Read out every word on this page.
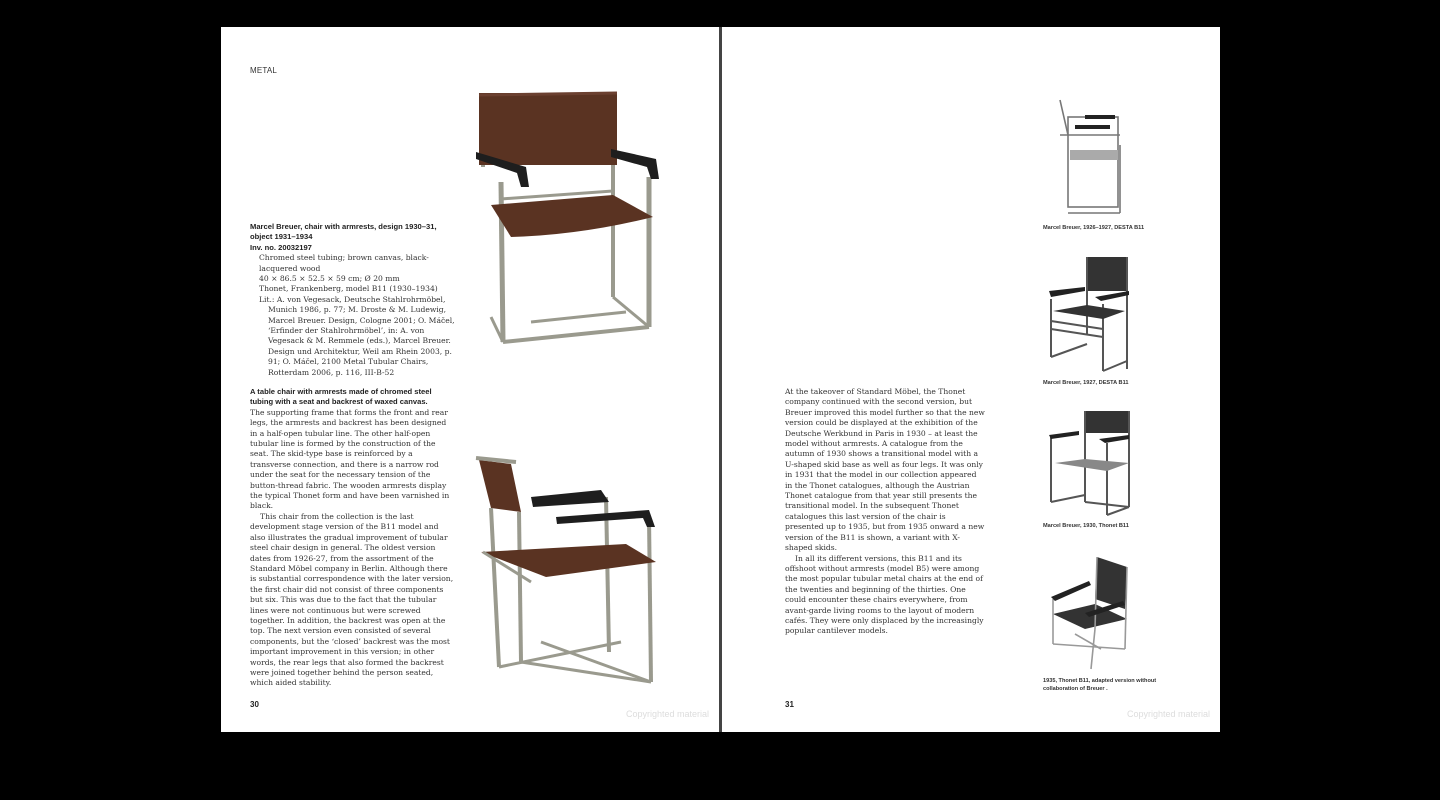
METAL
Marcel Breuer, chair with armrests, design 1930–31,
object 1931–1934
Inv. no. 20032197
Chromed steel tubing; brown canvas, black-
lacquered wood
40 × 86.5 × 52.5 × 59 cm; Ø 20 mm
Thonet, Frankenberg, model B11 (1930–1934)
Lit.: A. von Vegesack, Deutsche Stahlrohrmöbel, Munich 1986, p. 77; M. Droste & M. Ludewig, Marcel Breuer. Design, Cologne 2001; O. Máčel, ‘Erfinder der Stahlrohrmöbel’, in: A. von Vegesack & M. Remmele (eds.), Marcel Breuer. Design und Architektur, Weil am Rhein 2003, p. 91; O. Máčel, 2100 Metal Tubular Chairs, Rotterdam 2006, p. 116, III-B-52
A table chair with armrests made of chromed steel tubing with a seat and backrest of waxed canvas.
The supporting frame that forms the front and rear legs, the armrests and backrest has been designed in a half-open tubular line. The other half-open tubular line is formed by the construction of the seat. The skid-type base is reinforced by a transverse connection, and there is a narrow rod under the seat for the necessary tension of the button-thread fabric. The wooden armrests display the typical Thonet form and have been varnished in black.
This chair from the collection is the last development stage version of the B11 model and also illustrates the gradual improvement of tubular steel chair design in general. The oldest version dates from 1926-27, from the assortment of the Standard Möbel company in Berlin. Although there is substantial correspondence with the later version, the first chair did not consist of three components but six. This was due to the fact that the tubular lines were not continuous but were screwed together. In addition, the backrest was open at the top. The next version even consisted of several components, but the ‘closed’ backrest was the most important improvement in this version; in other words, the rear legs that also formed the backrest were joined together behind the person seated, which aided stability.
30
Copyrighted material
At the takeover of Standard Möbel, the Thonet company continued with the second version, but Breuer improved this model further so that the new version could be displayed at the exhibition of the Deutsche Werkbund in Paris in 1930 – at least the model without armrests. A catalogue from the autumn of 1930 shows a transitional model with a U-shaped skid base as well as four legs. It was only in 1931 that the model in our collection appeared in the Thonet catalogues, although the Austrian Thonet catalogue from that year still presents the transitional model. In the subsequent Thonet catalogues this last version of the chair is presented up to 1935, but from 1935 onward a new version of the B11 is shown, a variant with X-shaped skids.
In all its different versions, this B11 and its offshoot without armrests (model B5) were among the most popular tubular metal chairs at the end of the twenties and beginning of the thirties. One could encounter these chairs everywhere, from avant-garde living rooms to the layout of modern cafés. They were only displaced by the increasingly popular cantilever models.
Marcel Breuer, 1926–1927, DESTA B11
Marcel Breuer, 1927, DESTA B11
Marcel Breuer, 1930, Thonet B11
1935, Thonet B11, adapted version without collaboration of Breuer .
31
Copyrighted material
